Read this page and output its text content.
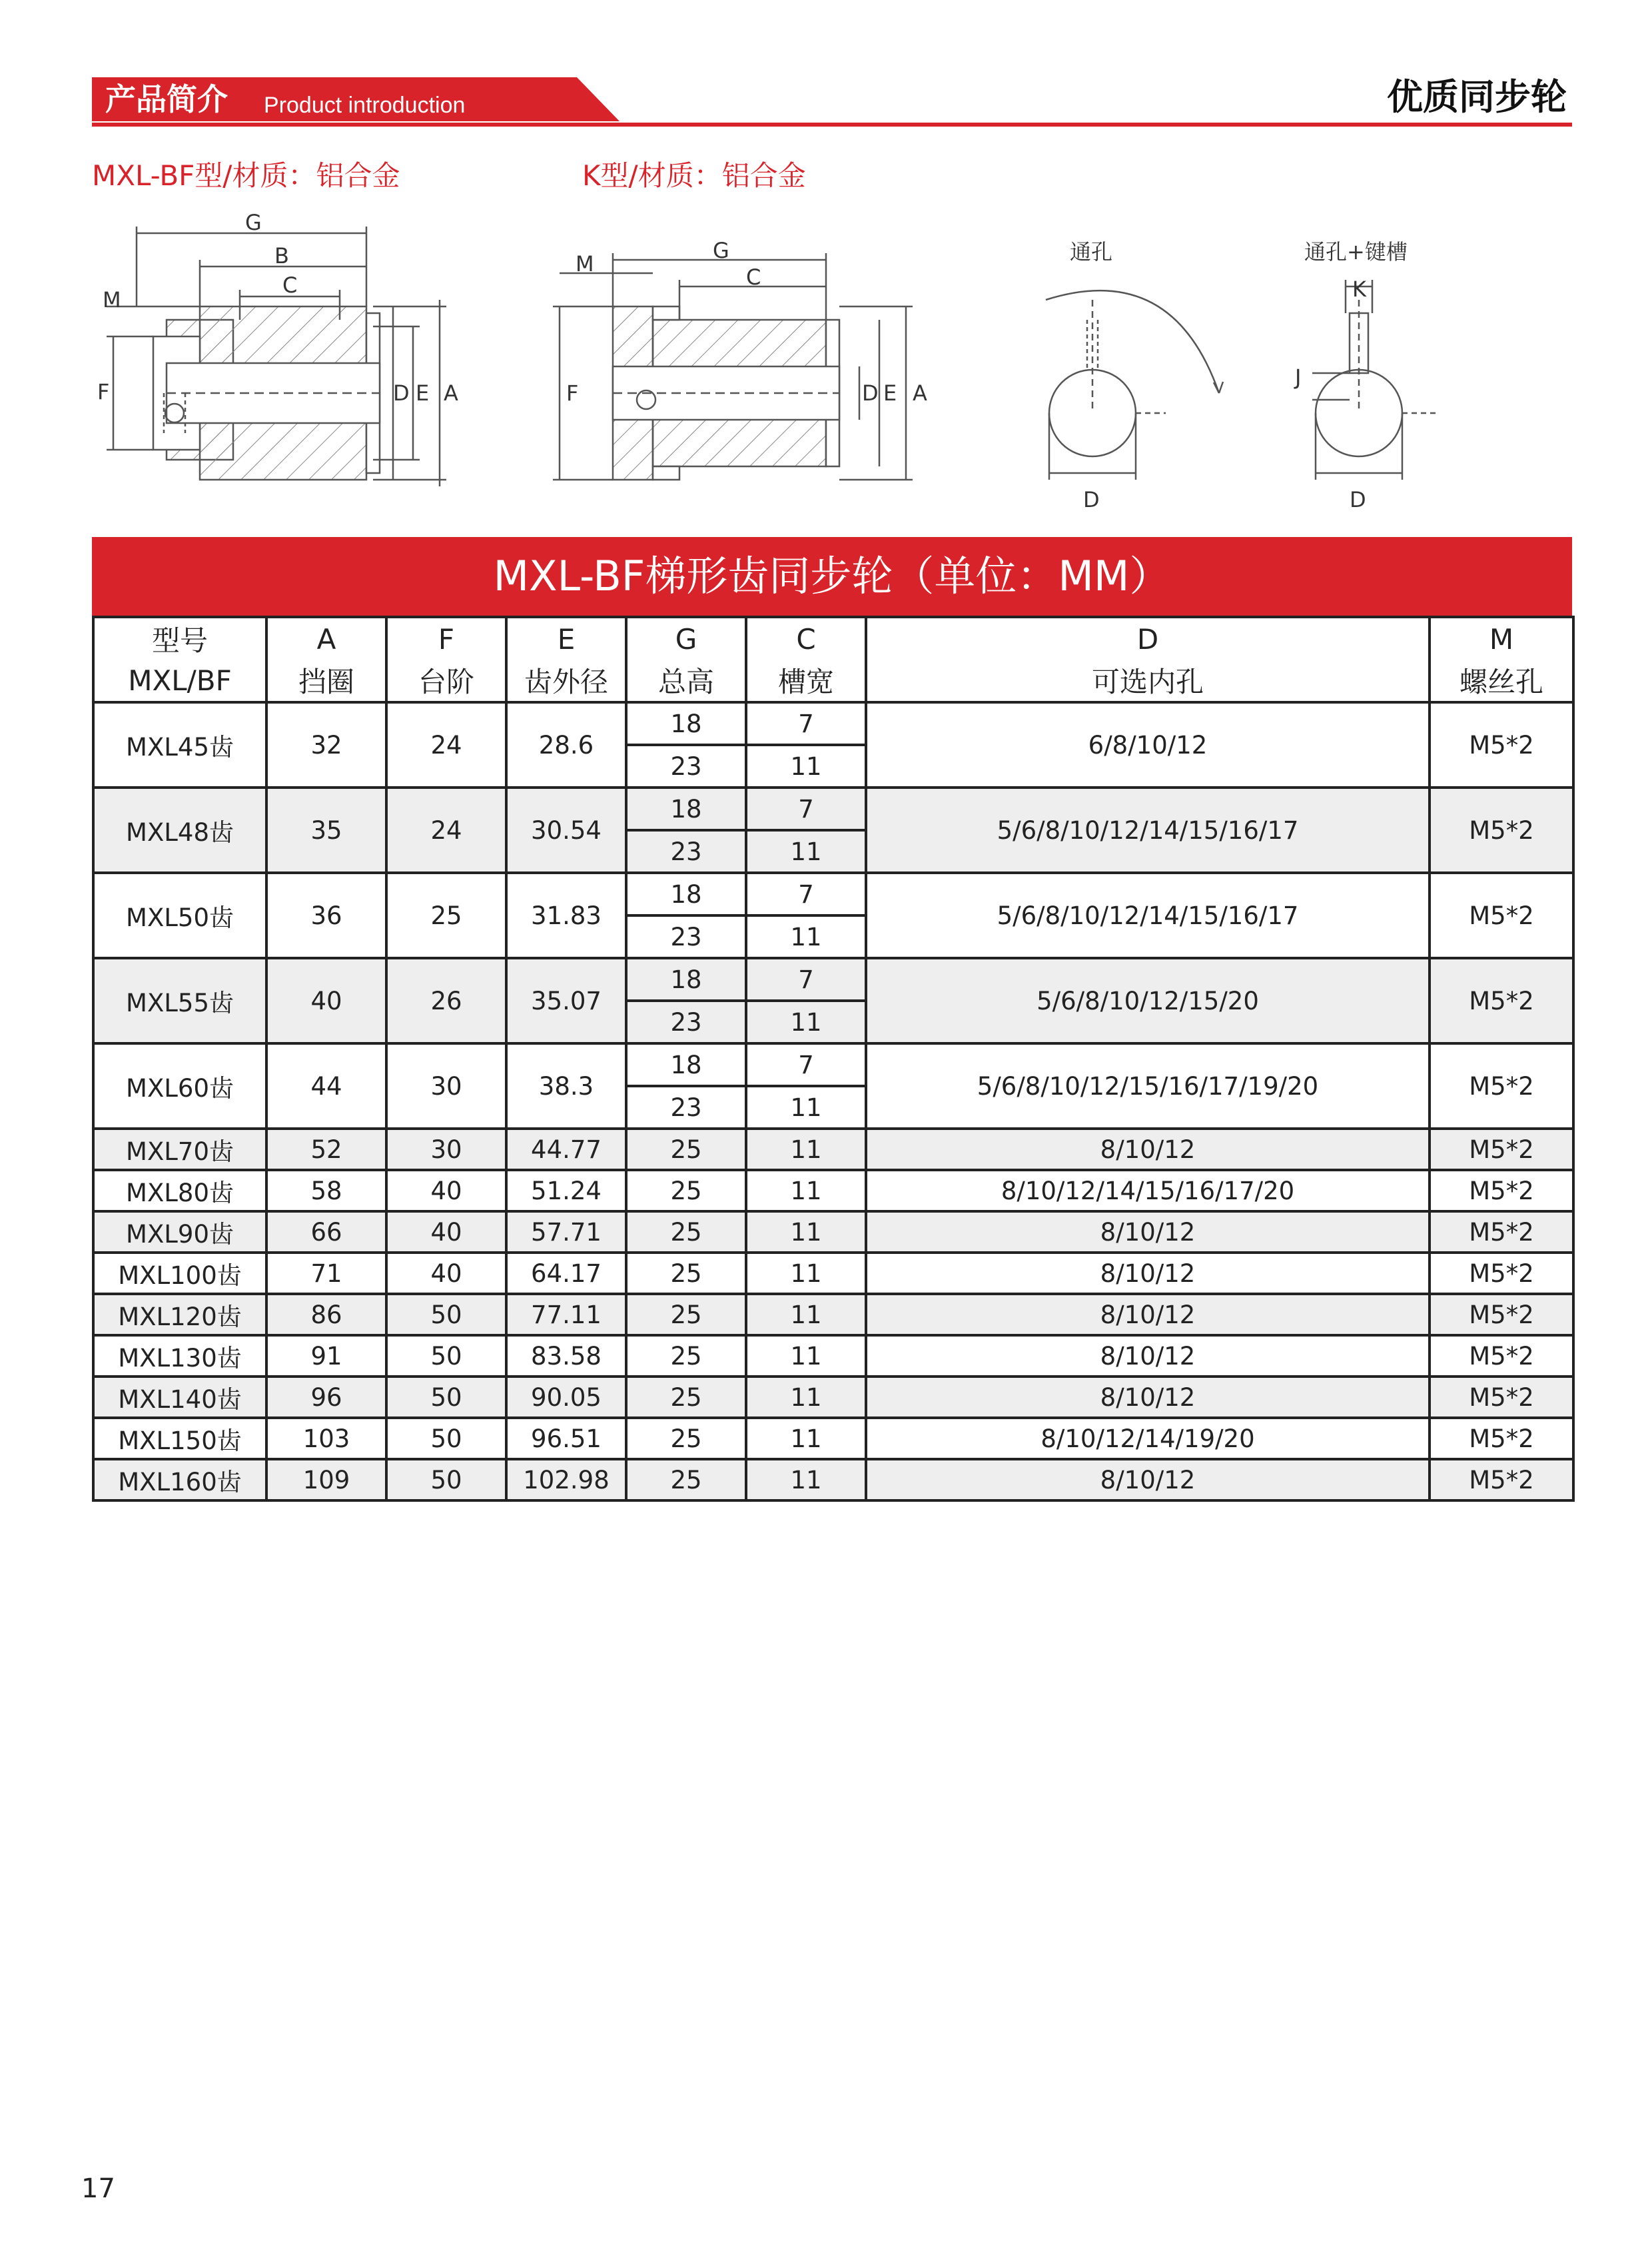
产品简介 Product introduction	优质同步轮
MXL-BF型/材质：铝合金	K型/材质：铝合金
G
B
C
M
F	D E A
G
C
M
F	D E A
通孔
D
通孔+键槽
K
J
D
MXL-BF梯形齿同步轮（单位：MM）
型号	A	F	E	G	C	D	M
MXL/BF	挡圈	台阶	齿外径	总高	槽宽	可选内孔	螺丝孔
MXL45齿	32	24	28.6	18	7	6/8/10/12	M5*2
				23	11		
MXL48齿	35	24	30.54	18	7	5/6/8/10/12/14/15/16/17	M5*2
				23	11		
MXL50齿	36	25	31.83	18	7	5/6/8/10/12/14/15/16/17	M5*2
				23	11		
MXL55齿	40	26	35.07	18	7	5/6/8/10/12/15/20	M5*2
				23	11		
MXL60齿	44	30	38.3	18	7	5/6/8/10/12/15/16/17/19/20	M5*2
				23	11		
MXL70齿	52	30	44.77	25	11	8/10/12	M5*2
MXL80齿	58	40	51.24	25	11	8/10/12/14/15/16/17/20	M5*2
MXL90齿	66	40	57.71	25	11	8/10/12	M5*2
MXL100齿	71	40	64.17	25	11	8/10/12	M5*2
MXL120齿	86	50	77.11	25	11	8/10/12	M5*2
MXL130齿	91	50	83.58	25	11	8/10/12	M5*2
MXL140齿	96	50	90.05	25	11	8/10/12	M5*2
MXL150齿	103	50	96.51	25	11	8/10/12/14/19/20	M5*2
MXL160齿	109	50	102.98	25	11	8/10/12	M5*2
17
